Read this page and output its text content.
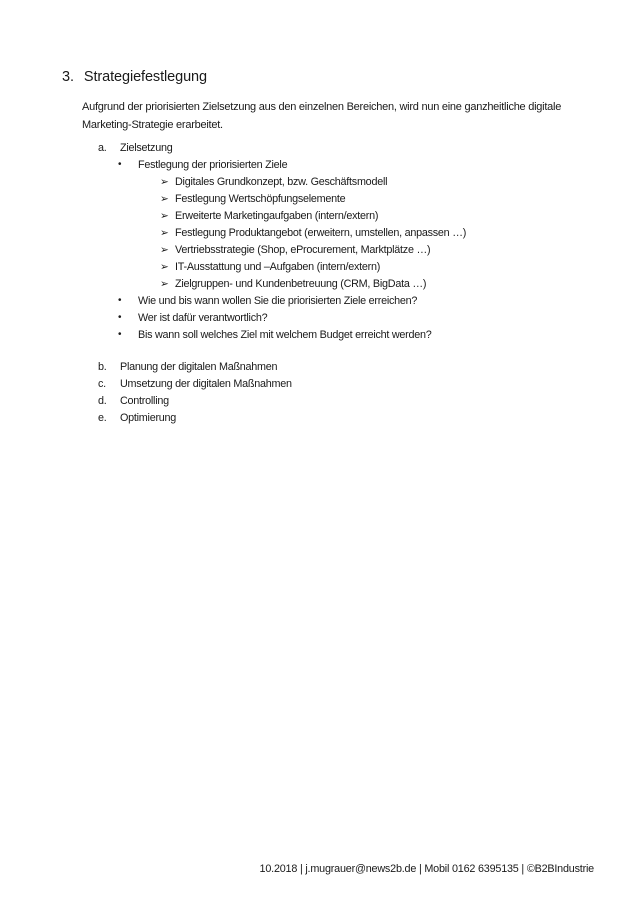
3. Strategiefestlegung
Aufgrund der priorisierten Zielsetzung aus den einzelnen Bereichen, wird nun eine ganzheitliche digitale Marketing-Strategie erarbeitet.
a.	Zielsetzung
•	Festlegung der priorisierten Ziele
➢ Digitales Grundkonzept, bzw. Geschäftsmodell
➢ Festlegung Wertschöpfungselemente
➢ Erweiterte Marketingaufgaben (intern/extern)
➢ Festlegung Produktangebot (erweitern, umstellen, anpassen …)
➢ Vertriebsstrategie (Shop, eProcurement, Marktplätze …)
➢ IT-Ausstattung und –Aufgaben (intern/extern)
➢ Zielgruppen- und Kundenbetreuung (CRM, BigData …)
•	Wie und bis wann wollen Sie die priorisierten Ziele erreichen?
•	Wer ist dafür verantwortlich?
•	Bis wann soll welches Ziel mit welchem Budget erreicht werden?
b.	Planung der digitalen Maßnahmen
c.	Umsetzung der digitalen Maßnahmen
d.	Controlling
e.	Optimierung
10.2018 | j.mugrauer@news2b.de | Mobil 0162 6395135 | ©B2BIndustrie
